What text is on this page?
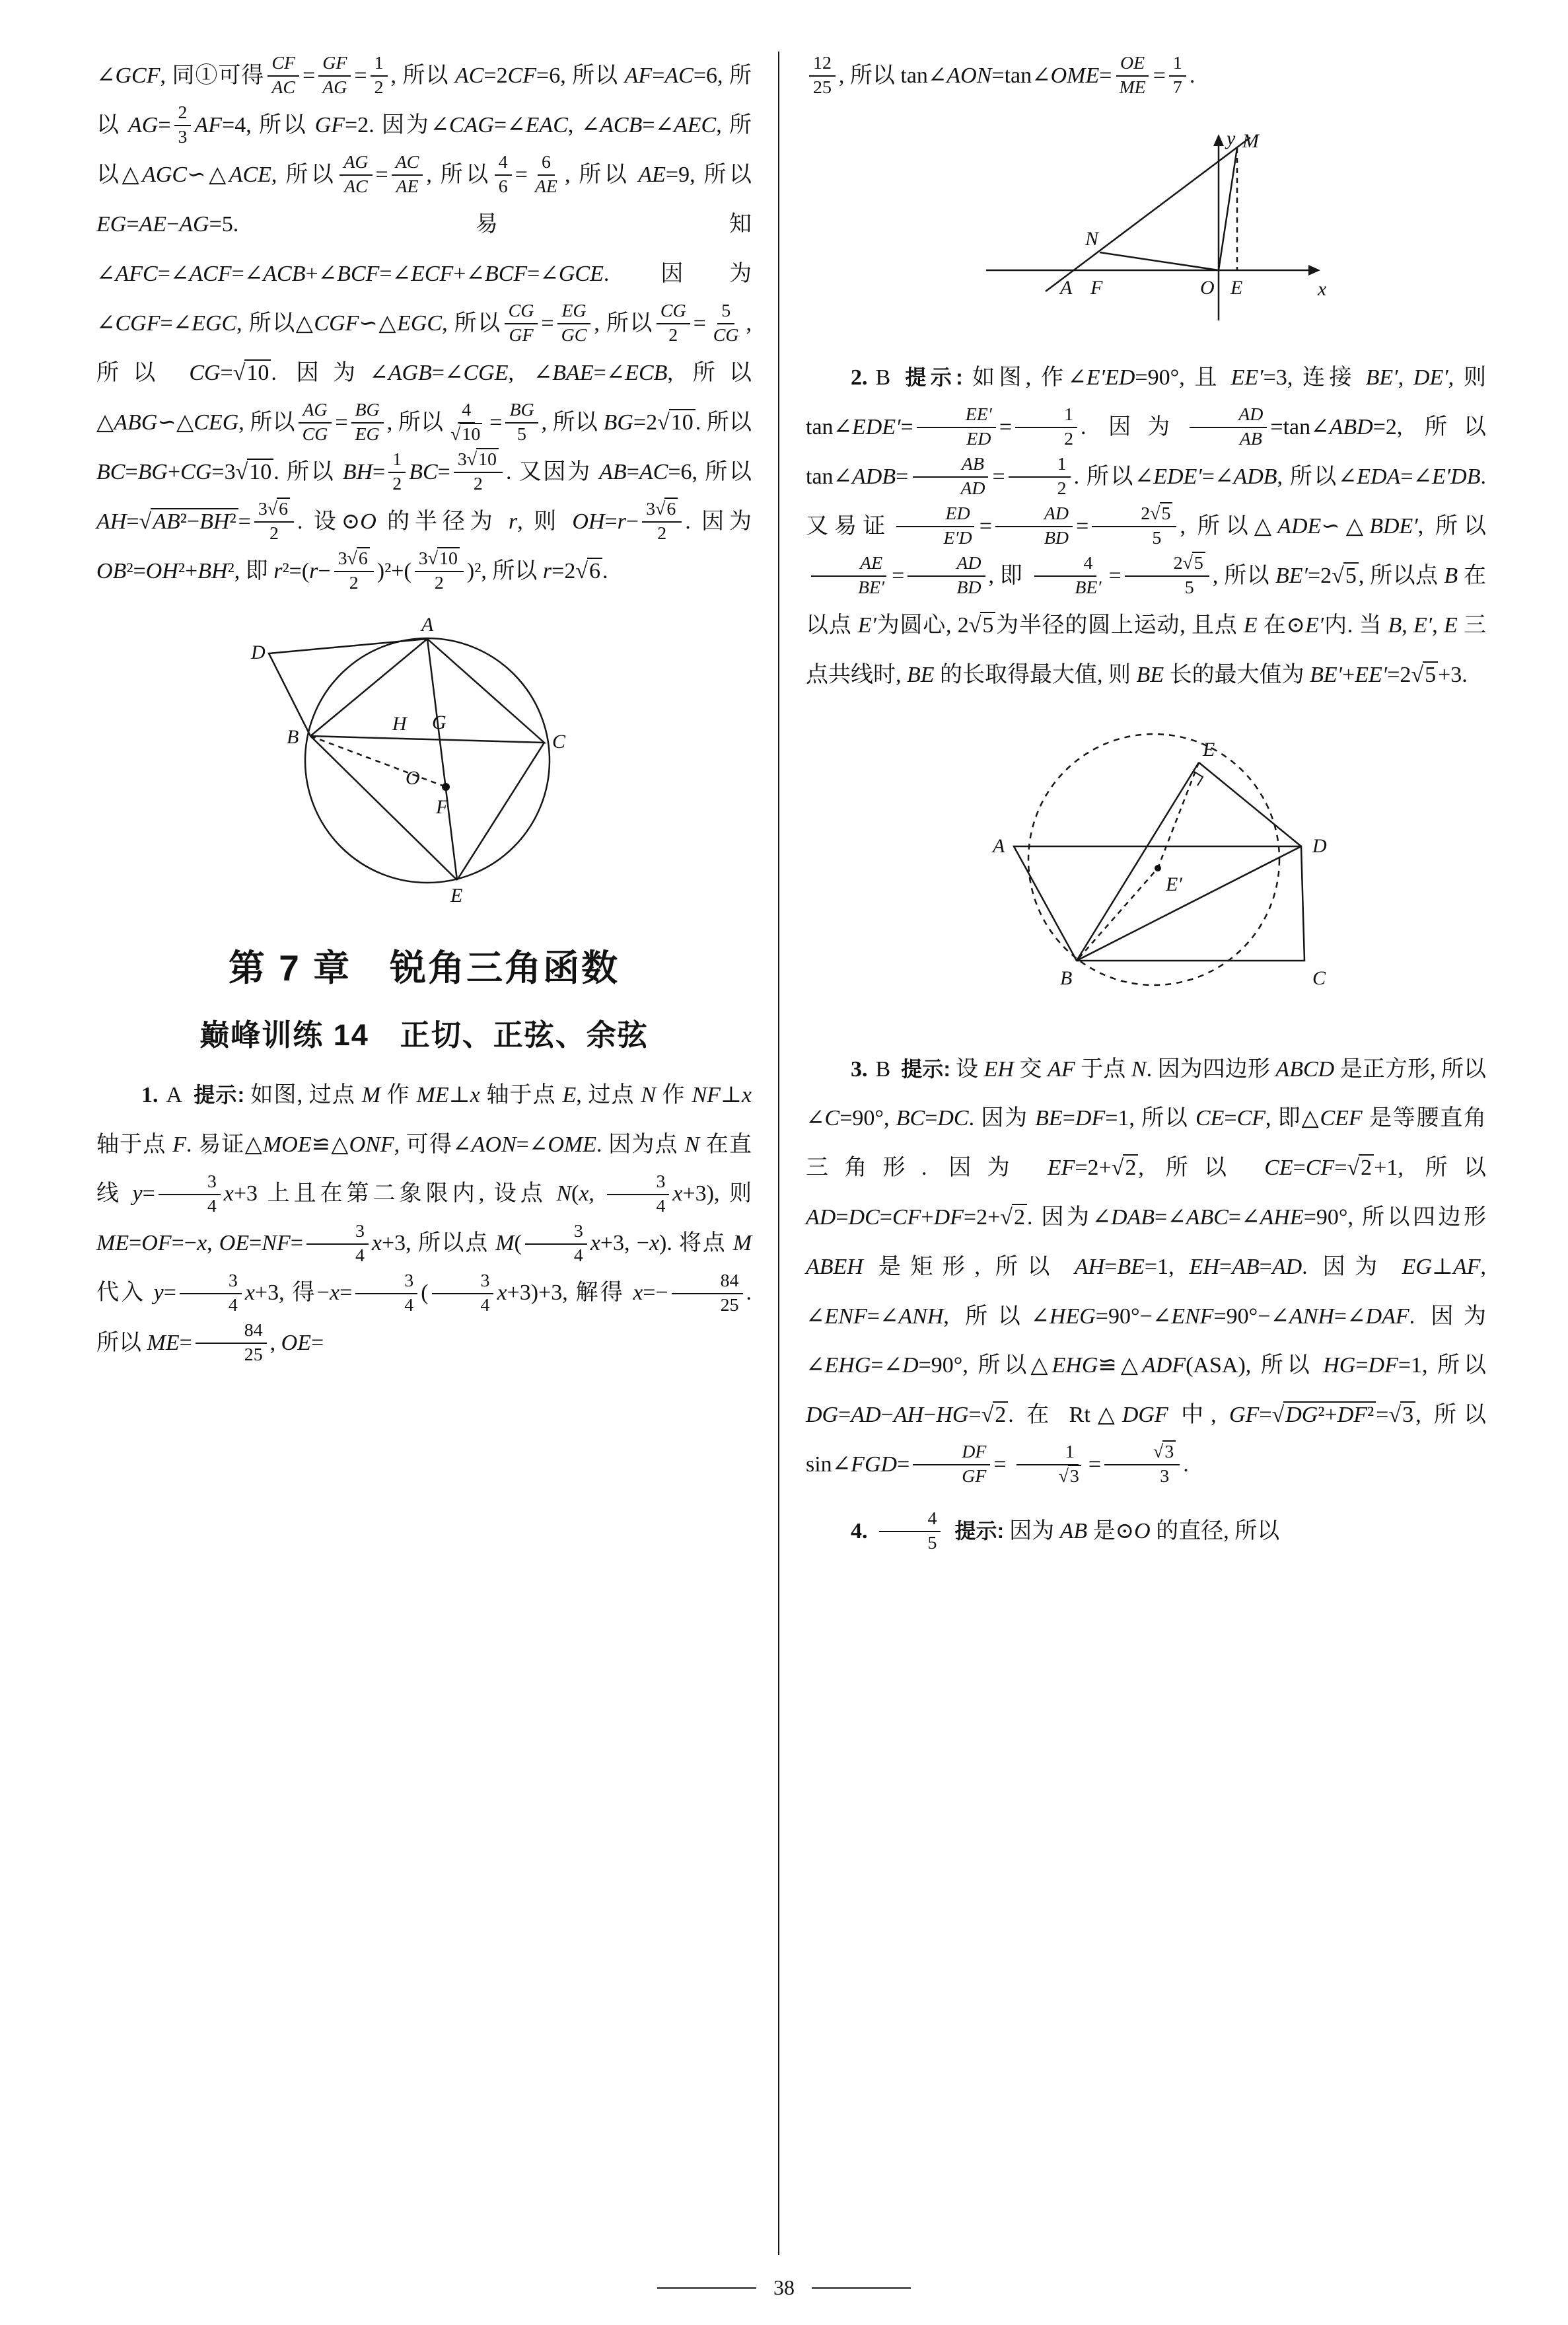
∠GCF, 同①可得 $\frac{CF}{AC} = \frac{GF}{AG} = \frac{1}{2}$ , 所以 AC=2CF=6, 所以 AF=AC=6, 所以 $AG= \frac{2}{3} AF=4$, 所以 GF=2. 因为∠CAG=∠EAC, ∠ACB=∠AEC, 所以△AGC∽△ACE, 所以 $\frac{AG}{AC} = \frac{AC}{AE}$ , 所以 $\frac{4}{6} = \frac{6}{AE}$ , 所以 AE=9, 所以 EG=AE−AG=5. 易知∠AFC=∠ACF=∠ACB+∠BCF=∠ECF+∠BCF=∠GCE. 因为∠CGF=∠EGC, 所以△CGF∽△EGC, 所以 $\frac{CG}{GF} = \frac{EG}{GC}$ , 所以 $\frac{CG}{2} = \frac{5}{CG}$ , 所以 CG=√10. 因为∠AGB=∠CGE, ∠BAE=∠ECB, 所以△ABG∽△CEG, 所以 $\frac{AG}{CG} = \frac{BG}{EG}$ , 所以 $\frac{4}{√ 10} = \frac{BG}{5}$ , 所以 BG=2√10. 所以 BC=BG+CG=3√10. 所以 $BH= \frac{1}{2} BC= \frac{3√ 10}{2}$ . 又因为 AB=AC=6, 所以 $AH=√AB^2-BH^2= \frac{3√ 6}{2}$ . 设⊙O 的半径为 r, 则 $OH=r- \frac{3√ 6}{2}$ . 因为 OB²=OH²+BH², 即 $r^2=(r- \frac{3√ 6}{2} )^2+( \frac{3√ 10}{2} )^2$, 所以 r=2√6.

D
A
B	C
H G
O
F
E
第 7 章　锐角三角函数
巅峰训练 14　正切、正弦、余弦

1. A 提示: 如图, 过点 M 作 ME⊥x 轴于点 E, 过点 N 作 NF⊥x 轴于点 F. 易证△MOE≌△ONF, 可得∠AON=∠OME. 因为点 N 在直线 $y= \frac{3}{4} x+3$ 上且在第二象限内, 设点 N(x, $\frac{3}{4} x+3$), 则 ME=OF=−x, $OE=NF= \frac{3}{4} x+3$, 所以点 $M( \frac{3}{4} x+3$, −x). 将点 M 代入 $y= \frac{3}{4} x+3$, 得$-x= \frac{3}{4}$ ( $\frac{3}{4} x+3)+3$, 解得 $x=- \frac{84}{25}$ . 所以 $ME= \frac{84}{25}$ , OE=

$\frac{12}{25}$ , 所以 tan∠AON=tan∠OME= $\frac{OE}{ME} = \frac{1}{7}$ .

y
x
M
N
A F	O E

2. B 提示: 如图, 作∠E′ED=90°, 且 EE′=3, 连接 BE′, DE′, 则 tan∠EDE′= $\frac{EE'}{ED} = \frac{1}{2}$ . 因为 $\frac{AD}{AB}$ =tan∠ABD=2, 所以 tan∠ADB= $\frac{AB}{AD} = \frac{1}{2}$ . 所以∠EDE′=∠ADB, 所以∠EDA=∠E′DB. 又易证 $\frac{ED}{E'D} = \frac{AD}{BD} = \frac{2√ 5}{5}$ , 所以△ADE∽△BDE′, 所以
$\frac{AE}{BE'} = \frac{AD}{BD}$ , 即 $\frac{4}{BE'} = \frac{2√ 5}{5}$ , 所以 BE′=2√5, 所以点 B 在以点 E′为圆心, 2√5为半径的圆上运动, 且点 E 在⊙E′内. 当 B, E′, E 三点共线时, BE 的长取得最大值, 则 BE 长的最大值为 BE′+EE′=2√5+3.

E
A	D
E′
B	C

3. B 提示: 设 EH 交 AF 于点 N. 因为四边形 ABCD 是正方形, 所以∠C=90°, BC=DC. 因为 BE=DF=1, 所以 CE=CF, 即△CEF 是等腰直角三角形. 因为 EF=2+√2, 所以 CE=CF=√2+1, 所以 AD=DC=CF+DF=2+√2. 因为∠DAB=∠ABC=∠AHE=90°, 所以四边形 ABEH 是矩形, 所以 AH=BE=1, EH=AB=AD. 因为 EG⊥AF, ∠ENF=∠ANH, 所以∠HEG=90°−∠ENF=90°−∠ANH=∠DAF. 因为∠EHG=∠D=90°, 所以△EHG≌△ADF(ASA), 所以 HG=DF=1, 所以 DG=AD−AH−HG=√2. 在 Rt△DGF 中, GF=√DG²+DF²=√3, 所以 sin∠FGD= $\frac{DF}{GF} = \frac{1}{√ 3} = \frac{√ 3}{3}$ .

4. $\frac{4}{5}$ 提示: 因为 AB 是⊙O 的直径, 所以

38
